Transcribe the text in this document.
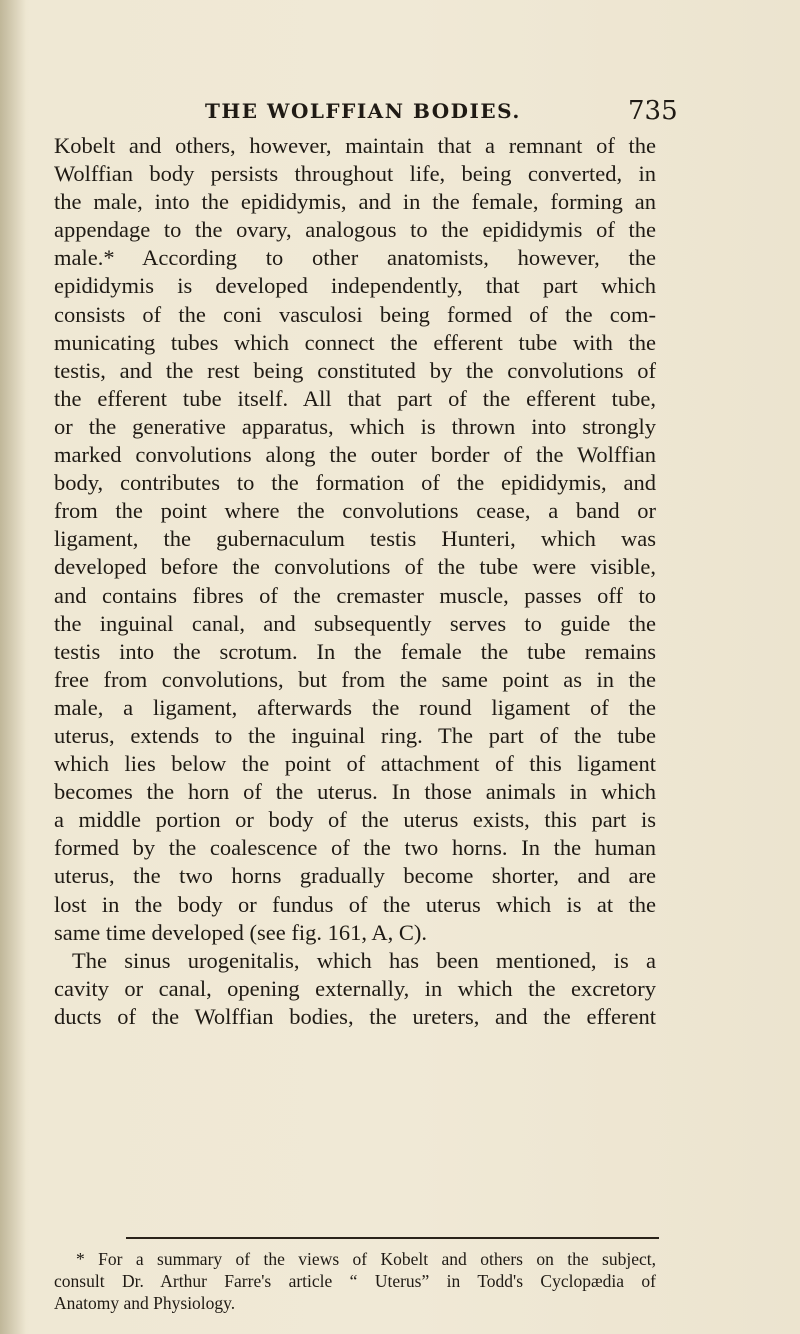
THE WOLFFIAN BODIES.	735
Kobelt and others, however, maintain that a remnant of the
Wolffian body persists throughout life, being converted, in
the male, into the epididymis, and in the female, forming an
appendage to the ovary, analogous to the epididymis of the
male.* According to other anatomists, however, the
epididymis is developed independently, that part which
consists of the coni vasculosi being formed of the com-
municating tubes which connect the efferent tube with the
testis, and the rest being constituted by the convolutions of
the efferent tube itself. All that part of the efferent tube,
or the generative apparatus, which is thrown into strongly
marked convolutions along the outer border of the Wolffian
body, contributes to the formation of the epididymis, and
from the point where the convolutions cease, a band or
ligament, the gubernaculum testis Hunteri, which was
developed before the convolutions of the tube were visible,
and contains fibres of the cremaster muscle, passes off to
the inguinal canal, and subsequently serves to guide the
testis into the scrotum. In the female the tube remains
free from convolutions, but from the same point as in the
male, a ligament, afterwards the round ligament of the
uterus, extends to the inguinal ring. The part of the tube
which lies below the point of attachment of this ligament
becomes the horn of the uterus. In those animals in which
a middle portion or body of the uterus exists, this part is
formed by the coalescence of the two horns. In the human
uterus, the two horns gradually become shorter, and are
lost in the body or fundus of the uterus which is at the
same time developed (see fig. 161, A, C).
The sinus urogenitalis, which has been mentioned, is a
cavity or canal, opening externally, in which the excretory
ducts of the Wolffian bodies, the ureters, and the efferent
* For a summary of the views of Kobelt and others on the subject,
consult Dr. Arthur Farre's article “ Uterus” in Todd's Cyclopædia of
Anatomy and Physiology.
